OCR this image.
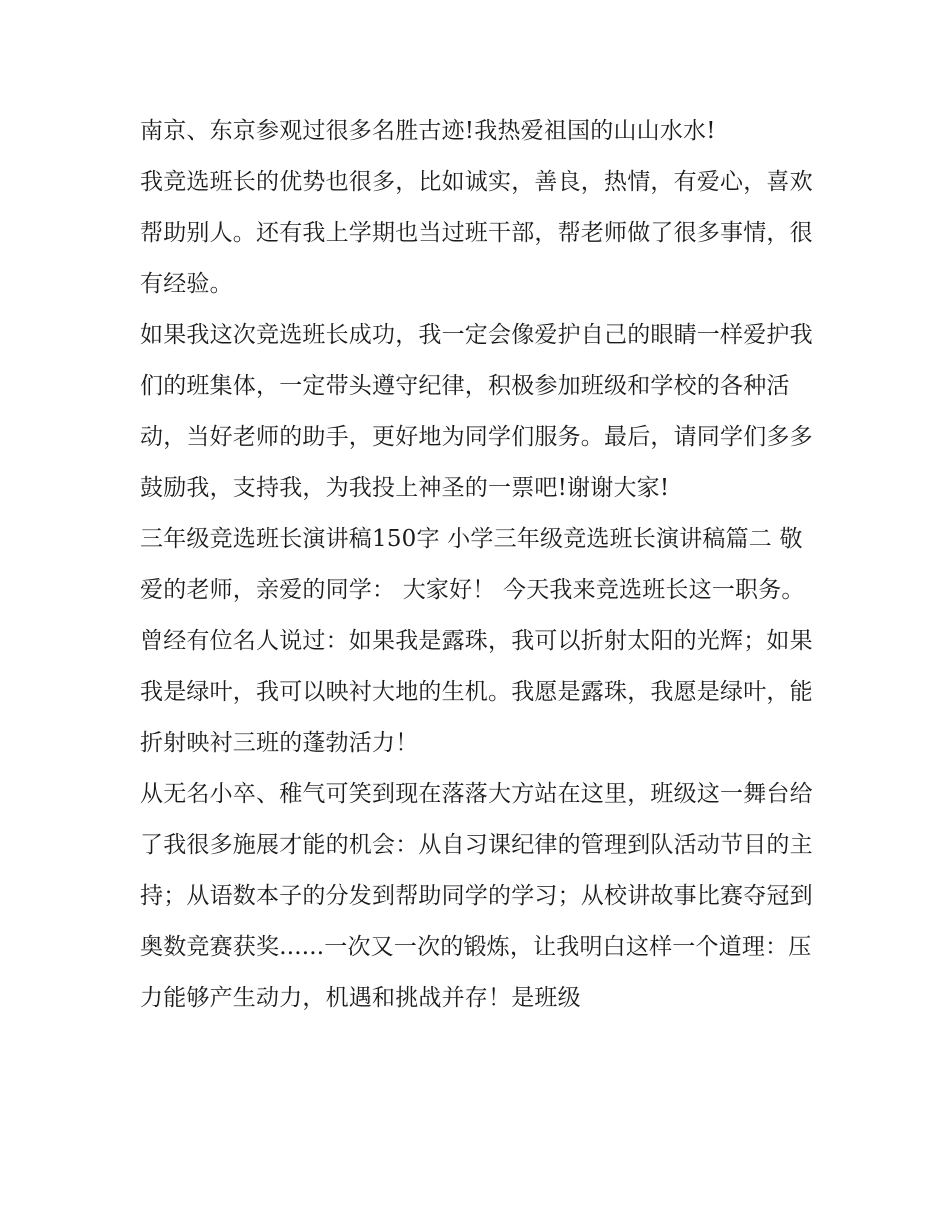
南京、东京参观过很多名胜古迹!我热爱祖国的山山水水!

我竞选班长的优势也很多，比如诚实，善良，热情，有爱心，喜欢帮助别人。还有我上学期也当过班干部，帮老师做了很多事情，很有经验。

如果我这次竞选班长成功，我一定会像爱护自己的眼睛一样爱护我们的班集体，一定带头遵守纪律，积极参加班级和学校的各种活动，当好老师的助手，更好地为同学们服务。最后，请同学们多多鼓励我，支持我，为我投上神圣的一票吧!谢谢大家!

三年级竞选班长演讲稿150字 小学三年级竞选班长演讲稿篇二 敬爱的老师，亲爱的同学： 大家好！ 今天我来竞选班长这一职务。

曾经有位名人说过：如果我是露珠，我可以折射太阳的光辉；如果我是绿叶，我可以映衬大地的生机。我愿是露珠，我愿是绿叶，能折射映衬三班的蓬勃活力！

从无名小卒、稚气可笑到现在落落大方站在这里，班级这一舞台给了我很多施展才能的机会：从自习课纪律的管理到队活动节目的主持；从语数本子的分发到帮助同学的学习；从校讲故事比赛夺冠到奥数竞赛获奖......一次又一次的锻炼，让我明白这样一个道理：压力能够产生动力，机遇和挑战并存！是班级
